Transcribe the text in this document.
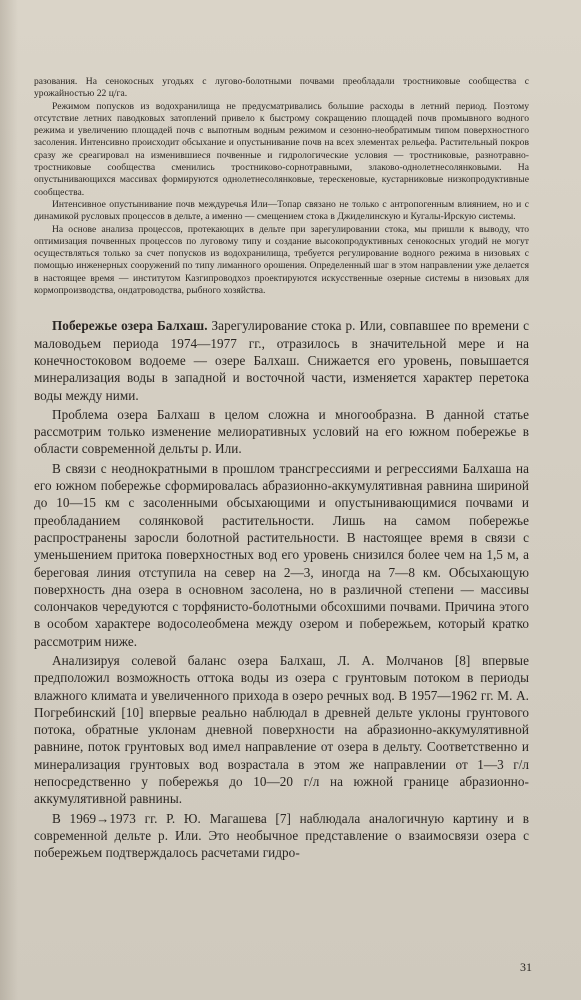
разования. На сенокосных угодьях с лугово-болотными почвами преобладали тростниковые сообщества с урожайностью 22 ц/га.

Режимом попусков из водохранилища не предусматривались большие расходы в летний период. Поэтому отсутствие летних паводковых затоплений привело к быстрому сокращению площадей почв промывного водного режима и увеличению площадей почв с выпотным водным режимом и сезонно-необратимым типом поверхностного засоления. Интенсивно происходит обсыхание и опустынивание почв на всех элементах рельефа. Растительный покров сразу же среагировал на изменившиеся почвенные и гидрологические условия — тростниковые, разнотравно-тростниковые сообщества сменились тростниково-сорнотравными, злаково-однолетнесолянковыми. На опустынивающихся массивах формируются однолетнесолянковые, терескеновые, кустарниковые низкопродуктивные сообщества.

Интенсивное опустынивание почв междуречья Или—Топар связано не только с антропогенным влиянием, но и с динамикой русловых процессов в дельте, а именно — смещением стока в Джиделинскую и Кугалы-Ирскую системы.

На основе анализа процессов, протекающих в дельте при зарегулировании стока, мы пришли к выводу, что оптимизация почвенных процессов по луговому типу и создание высокопродуктивных сенокосных угодий не могут осуществляться только за счет попусков из водохранилища, требуется регулирование водного режима в низовьях с помощью инженерных сооружений по типу лиманного орошения. Определенный шаг в этом направлении уже делается в настоящее время — институтом Казгипроводхоз проектируются искусственные озерные системы в низовьях для кормопроизводства, ондатроводства, рыбного хозяйства.

Побережье озера Балхаш. Зарегулирование стока р. Или, совпавшее по времени с маловодьем периода 1974—1977 гг., отразилось в значительной мере и на конечностоковом водоеме — озере Балхаш. Снижается его уровень, повышается минерализация воды в западной и восточной части, изменяется характер перетока воды между ними.

Проблема озера Балхаш в целом сложна и многообразна. В данной статье рассмотрим только изменение мелиоративных условий на его южном побережье в области современной дельты р. Или.

В связи с неоднократными в прошлом трансгрессиями и регрессиями Балхаша на его южном побережье сформировалась абразионно-аккумулятивная равнина шириной до 10—15 км с засоленными обсыхающими и опустынивающимися почвами и преобладанием солянковой растительности. Лишь на самом побережье распространены заросли болотной растительности. В настоящее время в связи с уменьшением притока поверхностных вод его уровень снизился более чем на 1,5 м, а береговая линия отступила на север на 2—3, иногда на 7—8 км. Обсыхающую поверхность дна озера в основном засолена, но в различной степени — массивы солончаков чередуются с торфянисто-болотными обсохшими почвами. Причина этого в особом характере водосолеобмена между озером и побережьем, который кратко рассмотрим ниже.

Анализируя солевой баланс озера Балхаш, Л. А. Молчанов [8] впервые предположил возможность оттока воды из озера с грунтовым потоком в периоды влажного климата и увеличенного прихода в озеро речных вод. В 1957—1962 гг. М. А. Погребинский [10] впервые реально наблюдал в древней дельте уклоны грунтового потока, обратные уклонам дневной поверхности на абразионно-аккумулятивной равнине, поток грунтовых вод имел направление от озера в дельту. Соответственно и минерализация грунтовых вод возрастала в этом же направлении от 1—3 г/л непосредственно у побережья до 10—20 г/л на южной границе абразионно-аккумулятивной равнины.

В 1969→1973 гг. Р. Ю. Магашева [7] наблюдала аналогичную картину и в современной дельте р. Или. Это необычное представление о взаимосвязи озера с побережьем подтверждалось расчетами гидро-

31
